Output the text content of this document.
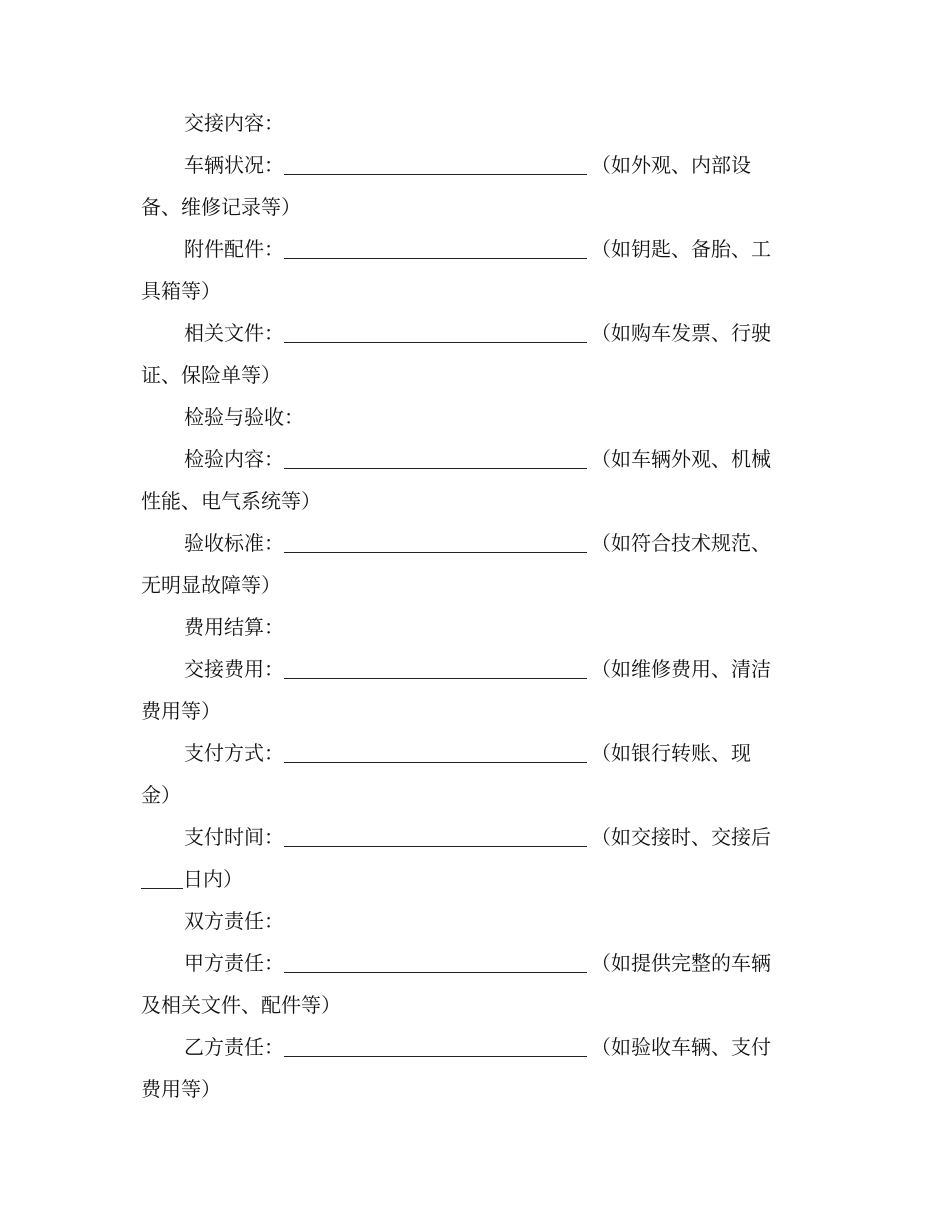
交接内容：
车辆状况：	（如外观、内部设
备、维修记录等）
附件配件：	（如钥匙、备胎、工
具箱等）
相关文件：	（如购车发票、行驶
证、保险单等）
检验与验收：
检验内容：	（如车辆外观、机械
性能、电气系统等）
验收标准：	（如符合技术规范、
无明显故障等）
费用结算：
交接费用：	（如维修费用、清洁
费用等）
支付方式：	（如银行转账、现
金）
支付时间：	（如交接时、交接后
日内）
双方责任：
甲方责任：	（如提供完整的车辆
及相关文件、配件等）
乙方责任：	（如验收车辆、支付
费用等）
